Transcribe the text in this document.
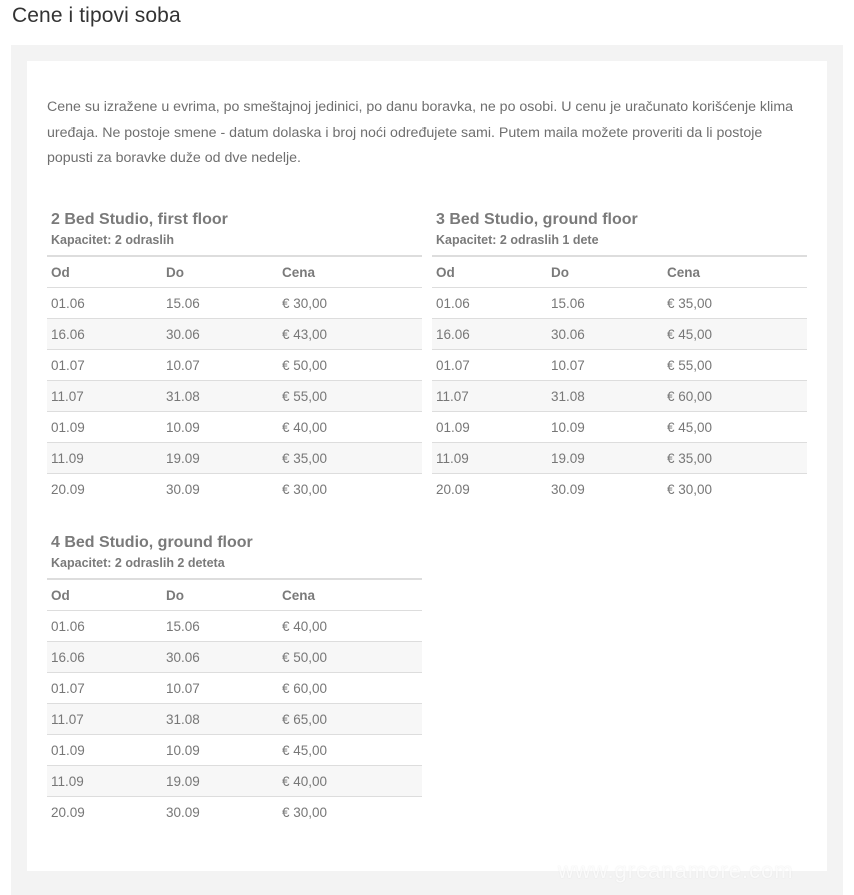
Cene i tipovi soba

Cene su izražene u evrima, po smeštajnoj jedinici, po danu boravka, ne po osobi. U cenu je uračunato korišćenje klima uređaja. Ne postoje smene - datum dolaska i broj noći određujete sami. Putem maila možete proveriti da li postoje popusti za boravke duže od dve nedelje.

2 Bed Studio, first floor
Kapacitet: 2 odraslih
Od	Do	Cena
01.06	15.06	€ 30,00
16.06	30.06	€ 43,00
01.07	10.07	€ 50,00
11.07	31.08	€ 55,00
01.09	10.09	€ 40,00
11.09	19.09	€ 35,00
20.09	30.09	€ 30,00
3 Bed Studio, ground floor
Kapacitet: 2 odraslih 1 dete
Od	Do	Cena
01.06	15.06	€ 35,00
16.06	30.06	€ 45,00
01.07	10.07	€ 55,00
11.07	31.08	€ 60,00
01.09	10.09	€ 45,00
11.09	19.09	€ 35,00
20.09	30.09	€ 30,00
4 Bed Studio, ground floor
Kapacitet: 2 odraslih 2 deteta
Od	Do	Cena
01.06	15.06	€ 40,00
16.06	30.06	€ 50,00
01.07	10.07	€ 60,00
11.07	31.08	€ 65,00
01.09	10.09	€ 45,00
11.09	19.09	€ 40,00
20.09	30.09	€ 30,00
www.grcanamore.com
